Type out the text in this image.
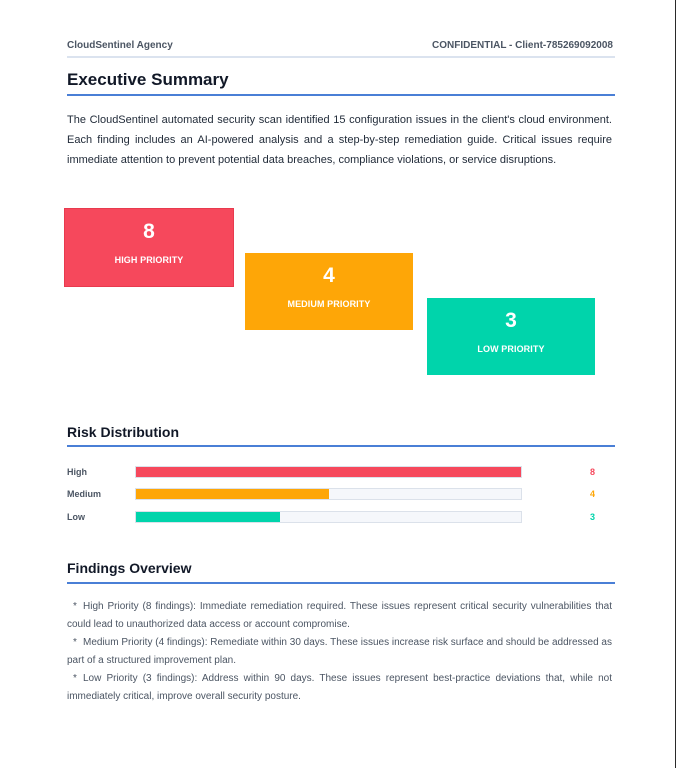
CloudSentinel Agency	CONFIDENTIAL - Client-785269092008
Executive Summary
The CloudSentinel automated security scan identified 15 configuration issues in the client's cloud environment. Each finding includes an AI-powered analysis and a step-by-step remediation guide. Critical issues require immediate attention to prevent potential data breaches, compliance violations, or service disruptions.
8
HIGH PRIORITY
4
MEDIUM PRIORITY
3
LOW PRIORITY
Risk Distribution
High	8
Medium	4
Low	3
Findings Overview
* High Priority (8 findings): Immediate remediation required. These issues represent critical security vulnerabilities that could lead to unauthorized data access or account compromise.
* Medium Priority (4 findings): Remediate within 30 days. These issues increase risk surface and should be addressed as part of a structured improvement plan.
* Low Priority (3 findings): Address within 90 days. These issues represent best-practice deviations that, while not immediately critical, improve overall security posture.
